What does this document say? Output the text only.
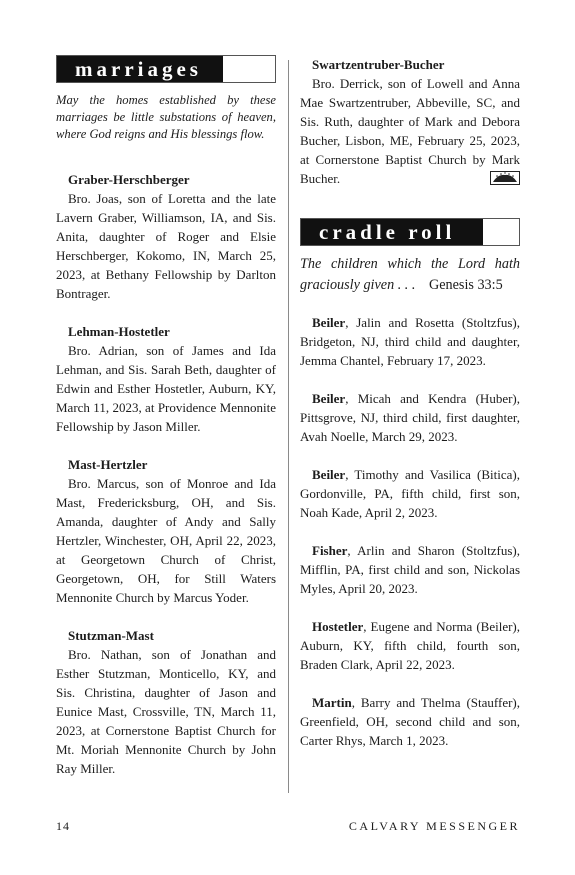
marriages

May the homes established by these marriages be little substations of heaven, where God reigns and His blessings flow.

Graber-Herschberger

Bro. Joas, son of Loretta and the late Lavern Graber, Williamson, IA, and Sis. Anita, daughter of Roger and Elsie Herschberger, Kokomo, IN, March 25, 2023, at Bethany Fellowship by Darlton Bontrager.

Lehman-Hostetler

Bro. Adrian, son of James and Ida Lehman, and Sis. Sarah Beth, daughter of Edwin and Esther Hostetler, Auburn, KY, March 11, 2023, at Providence Mennonite Fellowship by Jason Miller.

Mast-Hertzler

Bro. Marcus, son of Monroe and Ida Mast, Fredericksburg, OH, and Sis. Amanda, daughter of Andy and Sally Hertzler, Winchester, OH, April 22, 2023, at Georgetown Church of Christ, Georgetown, OH, for Still Waters Mennonite Church by Marcus Yoder.

Stutzman-Mast

Bro. Nathan, son of Jonathan and Esther Stutzman, Monticello, KY, and Sis. Christina, daughter of Jason and Eunice Mast, Crossville, TN, March 11, 2023, at Cornerstone Baptist Church for Mt. Moriah Mennonite Church by John Ray Miller.

Swartzentruber-Bucher

Bro. Derrick, son of Lowell and Anna Mae Swartzentruber, Abbeville, SC, and Sis. Ruth, daughter of Mark and Debora Bucher, Lisbon, ME, February 25, 2023, at Cornerstone Baptist Church by Mark Bucher.

cradle roll

The children which the Lord hath graciously given . . . Genesis 33:5

Beiler, Jalin and Rosetta (Stoltzfus), Bridgeton, NJ, third child and daughter, Jemma Chantel, February 17, 2023.

Beiler, Micah and Kendra (Huber), Pittsgrove, NJ, third child, first daughter, Avah Noelle, March 29, 2023.

Beiler, Timothy and Vasilica (Bitica), Gordonville, PA, fifth child, first son, Noah Kade, April 2, 2023.

Fisher, Arlin and Sharon (Stoltzfus), Mifflin, PA, first child and son, Nickolas Myles, April 20, 2023.

Hostetler, Eugene and Norma (Beiler), Auburn, KY, fifth child, fourth son, Braden Clark, April 22, 2023.

Martin, Barry and Thelma (Stauffer), Greenfield, OH, second child and son, Carter Rhys, March 1, 2023.

14	CALVARY MESSENGER
